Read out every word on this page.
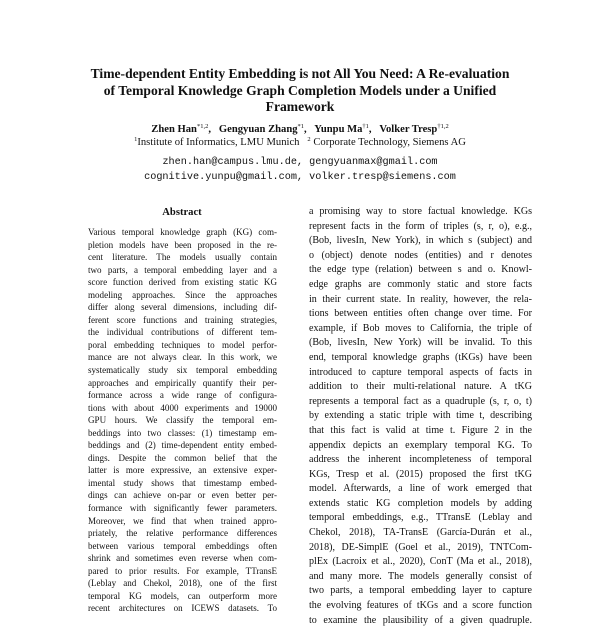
Time-dependent Entity Embedding is not All You Need: A Re-evaluation
of Temporal Knowledge Graph Completion Models under a Unified
Framework
Zhen Han$^{*1,2}$,   Gengyuan Zhang$^{*1}$,   Yunpu Ma$^{\dagger 1}$,   Volker Tresp$^{\dagger 1,2}$
$^1$Institute of Informatics, LMU Munich $^2$ Corporate Technology, Siemens AG
zhen.han@campus.lmu.de, gengyuanmax@gmail.com
cognitive.yunpu@gmail.com, volker.tresp@siemens.com
Abstract
Various temporal knowledge graph (KG) com-
pletion models have been proposed in the re-
cent literature. The models usually contain
two parts, a temporal embedding layer and a
score function derived from existing static KG
modeling approaches. Since the approaches
differ along several dimensions, including dif-
ferent score functions and training strategies,
the individual contributions of different tem-
poral embedding techniques to model perfor-
mance are not always clear. In this work, we
systematically study six temporal embedding
approaches and empirically quantify their per-
formance across a wide range of configura-
tions with about 4000 experiments and 19000
GPU hours. We classify the temporal em-
beddings into two classes: (1) timestamp em-
beddings and (2) time-dependent entity embed-
dings. Despite the common belief that the
latter is more expressive, an extensive exper-
imental study shows that timestamp embed-
dings can achieve on-par or even better per-
formance with significantly fewer parameters.
Moreover, we find that when trained appro-
priately, the relative performance differences
between various temporal embeddings often
shrink and sometimes even reverse when com-
pared to prior results. For example, TTransE
(Leblay and Chekol, 2018), one of the first
temporal KG models, can outperform more
recent architectures on ICEWS datasets. To
a promising way to store factual knowledge. KGs
represent facts in the form of triples (s, r, o), e.g.,
(Bob, livesIn, New York), in which s (subject) and
o (object) denote nodes (entities) and r denotes
the edge type (relation) between s and o. Knowl-
edge graphs are commonly static and store facts
in their current state. In reality, however, the rela-
tions between entities often change over time. For
example, if Bob moves to California, the triple of
(Bob, livesIn, New York) will be invalid. To this
end, temporal knowledge graphs (tKGs) have been
introduced to capture temporal aspects of facts in
addition to their multi-relational nature. A tKG
represents a temporal fact as a quadruple (s, r, o, t)
by extending a static triple with time t, describing
that this fact is valid at time t. Figure 2 in the
appendix depicts an exemplary temporal KG. To
address the inherent incompleteness of temporal
KGs, Tresp et al. (2015) proposed the first tKG
model. Afterwards, a line of work emerged that
extends static KG completion models by adding
temporal embeddings, e.g., TTransE (Leblay and
Chekol, 2018), TA-TransE (García-Durán et al.,
2018), DE-SimplE (Goel et al., 2019), TNTCom-
plEx (Lacroix et al., 2020), ConT (Ma et al., 2018),
and many more. The models generally consist of
two parts, a temporal embedding layer to capture
the evolving features of tKGs and a score function
to examine the plausibility of a given quadruple.
